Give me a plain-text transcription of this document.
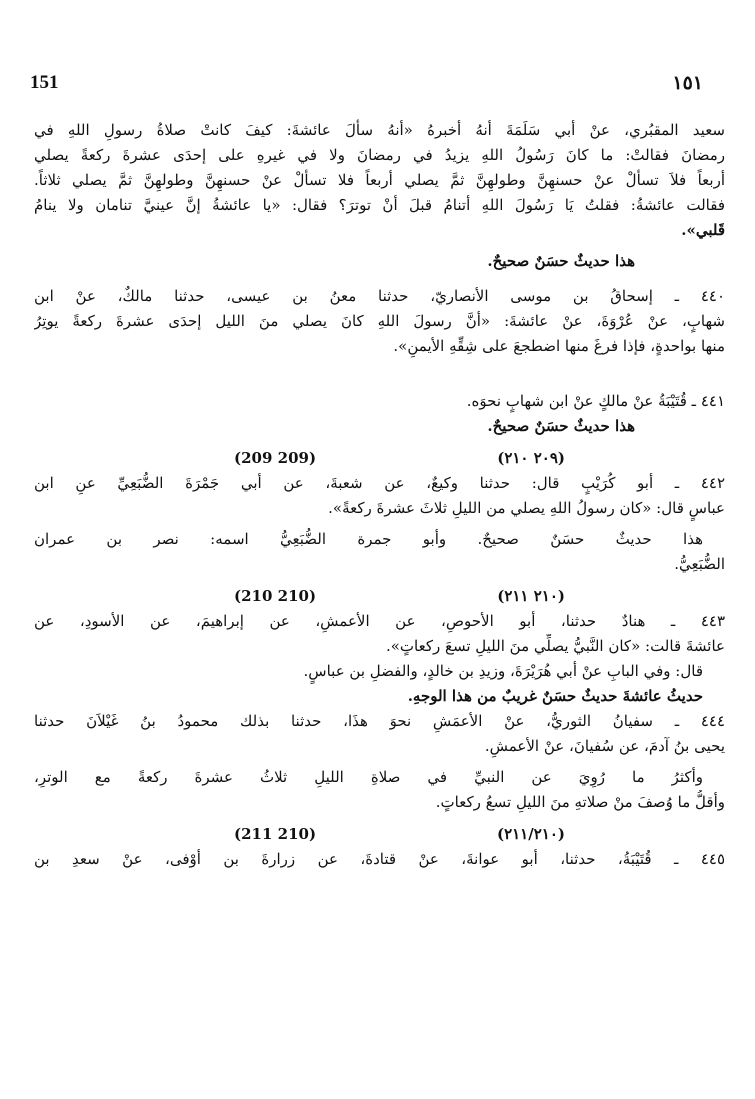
151	١٥١
سعيد المقبُري، عنْ أبي سَلَمَةَ أنهُ أخبرهُ «أنهُ سألَ عائشةَ: كيفَ كانتْ صلاةُ رسولِ اللهِ في
رمضانَ فقالتْ: ما كانَ رَسُولُ اللهِ يزيدُ في رمضانَ ولا في غيرهِ على إحدَى عشرةَ ركعةً يصلي
أربعاً فلاَ تسألْ عنْ حسنهِنَّ وطولهِنَّ ثمَّ يصلي أربعاً فلا تسألْ عنْ حسنهِنَّ وطولهِنَّ ثمَّ يصلي ثلاثاً.
فقالت عائشةُ: فقلتُ يَا رَسُولَ اللهِ أتنامُ قبلَ أنْ توترَ؟ فقال: «يا عائشةُ إنَّ عينيَّ تنامان ولا ينامُ
قَلبي».
هذا حديثٌ حسَنٌ صحيحٌ.
٤٤٠ ـ إسحاقُ بن موسى الأنصاريّ، حدثنا معنُ بن عيسى، حدثنا مالكٌ، عنْ ابن
شهابٍ، عنْ عُرْوَةَ، عنْ عائشةَ: «أنَّ رسولَ اللهِ كانَ يصلي منَ الليل إحدَى عشرةَ ركعةً يوتِرُ
منها بواحدةٍ، فإذا فرغَ منها اضطجعَ على شِقِّهِ الأيمنِ».
٤٤١ ـ قُتَيْبَةُ عنْ مالكٍ عنْ ابن شهابٍ نحوَه.
هذا حديثٌ حسَنٌ صحيحٌ.
(209 209)	(٢٠٩ ٢١٠)
٤٤٢ ـ أبو كُرَيْبٍ قال: حدثنا وكيعٌ، عن شعبةَ، عن أبي جَمْرَةَ الضُّبَعِيِّ عنِ ابن
عباسٍ قال: «كان رسولُ اللهِ يصلي من الليلِ ثلاثَ عشرةَ ركعةً».
هذا حديثٌ حسَنٌ صحيحٌ. وأبو جمرة الضُّبَعِيُّ اسمه: نصر بن عمران
الضُّبَعِيُّ.
(210 210)	(٢١٠ ٢١١)
٤٤٣ ـ هنادٌ حدثنا، أبو الأحوصِ، عن الأعمشِ، عن إبراهيمَ، عن الأسودِ، عن
عائشةَ قالت: «كان النَّبيُّ يصلِّي منَ الليلِ تسعَ ركعاتٍ».
قال: وفي البابِ عنْ أبي هُرَيْرَةَ، وزيدِ بن خالدٍ، والفضلِ بن عباسٍ.
حديثُ عائشةَ حديثٌ حسَنٌ غريبٌ من هذا الوجهِ.
٤٤٤ ـ سفيانُ الثوريُّ، عنْ الأعمَشِ نحوَ هذَا، حدثنا بذلك محمودُ بنُ غَيْلاَنَ حدثنا
يحيى بنُ آدمَ، عن سُفيانَ، عنْ الأعمشِ.
وأكثرُ ما رُوِيَ عن النبيِّ في صلاةِ الليلِ ثلاثُ عشرةَ ركعةً مع الوترِ،
وأقلُّ ما وُصفَ منْ صلاتهِ منَ الليلِ تسعُ ركعاتٍ.
(211 210)	(٢١١/٢١٠)
٤٤٥ ـ قُتَيْبَةُ، حدثنا، أبو عوانةَ، عنْ قتادةَ، عن زرارةَ بن أوْفى، عنْ سعدِ بن
